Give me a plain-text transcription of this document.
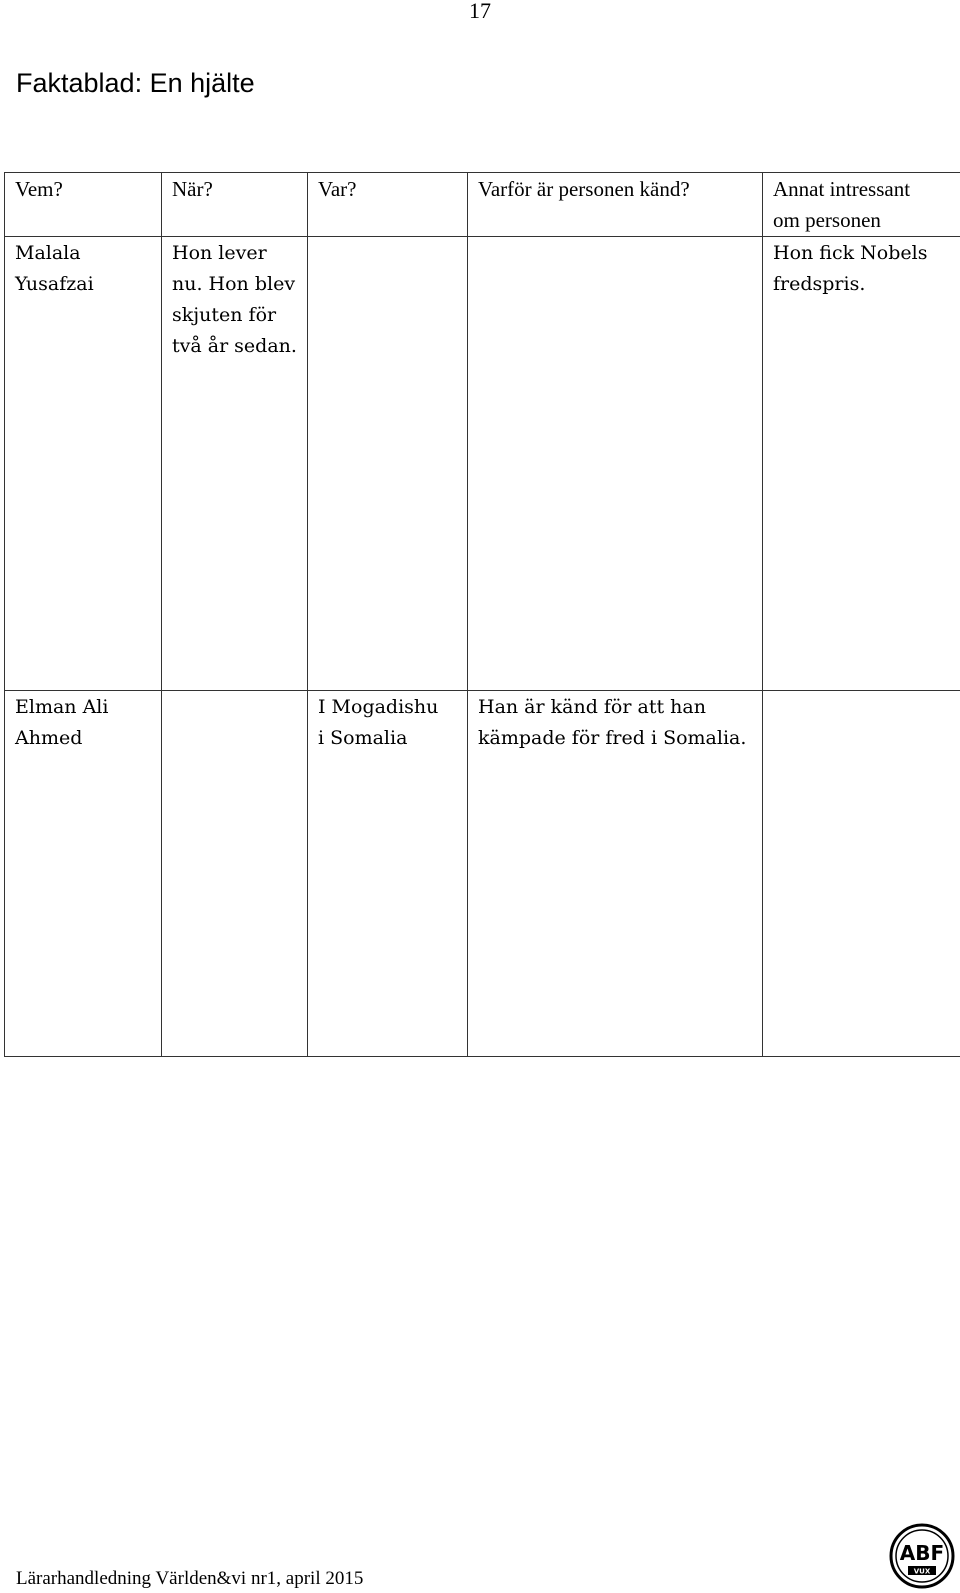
17
Faktablad: En hjälte
Vem?	När?	Var?	Varför är personen känd?	Annat intressant
om personen
Malala
Yusafzai	Hon lever
nu. Hon blev
skjuten för
två år sedan.			Hon fick Nobels
fredspris.
Elman Ali
Ahmed		I Mogadishu
i Somalia	Han är känd för att han
kämpade för fred i Somalia.	
Lärarhandledning Världen&vi nr1, april 2015
ABF
VUX
